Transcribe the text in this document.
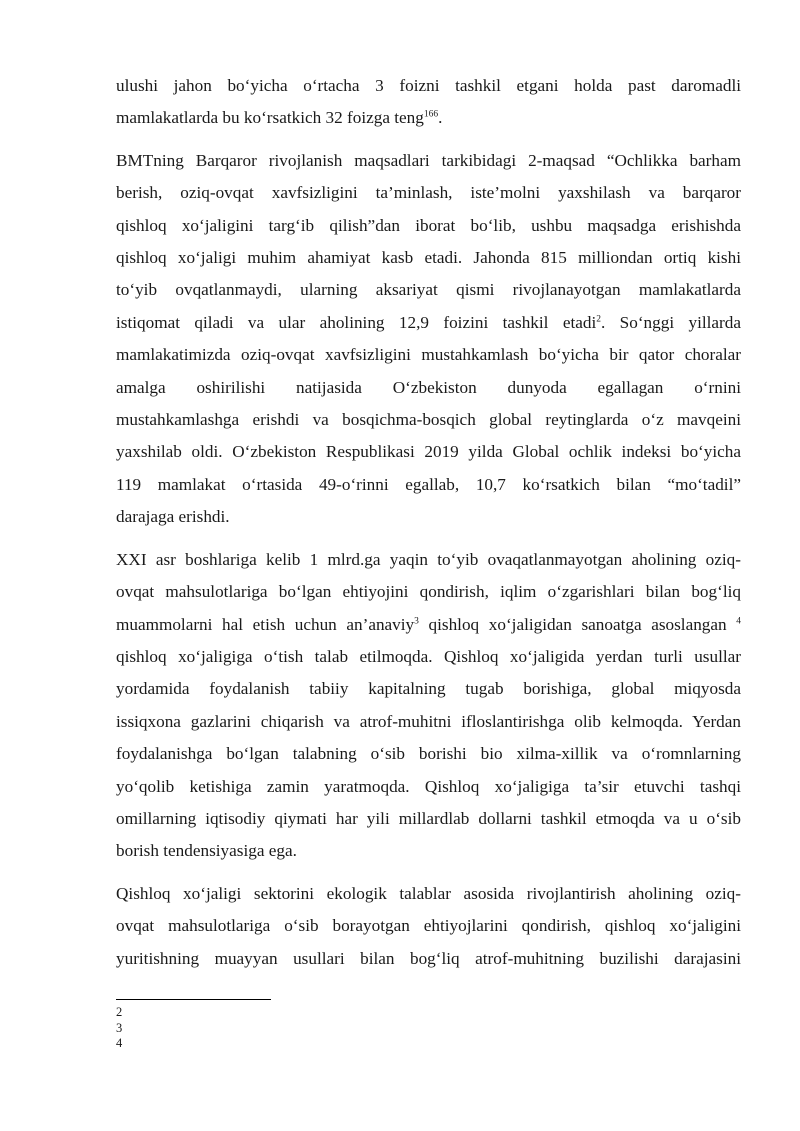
ulushi jahon bo‘yicha o‘rtacha 3 foizni tashkil etgani holda past daromadli
mamlakatlarda bu ko‘rsatkich 32 foizga teng$^{166}$.

BMTning Barqaror rivojlanish maqsadlari tarkibidagi 2-maqsad “Ochlikka barham
berish, oziq-ovqat xavfsizligini ta’minlash, iste’molni yaxshilash va barqaror
qishloq xo‘jaligini targ‘ib qilish”dan iborat bo‘lib, ushbu maqsadga erishishda
qishloq xo‘jaligi muhim ahamiyat kasb etadi. Jahonda 815 milliondan ortiq kishi
to‘yib ovqatlanmaydi, ularning aksariyat qismi rivojlanayotgan mamlakatlarda
istiqomat qiladi va ular aholining 12,9 foizini tashkil etadi$^2$. So‘nggi yillarda
mamlakatimizda oziq-ovqat xavfsizligini mustahkamlash bo‘yicha bir qator choralar
amalga oshirilishi natijasida O‘zbekiston dunyoda egallagan o‘rnini
mustahkamlashga erishdi va bosqichma-bosqich global reytinglarda o‘z mavqeini
yaxshilab oldi. O‘zbekiston Respublikasi 2019 yilda Global ochlik indeksi bo‘yicha
119 mamlakat o‘rtasida 49-o‘rinni egallab, 10,7 ko‘rsatkich bilan “mo‘tadil”
darajaga erishdi.

XXI asr boshlariga kelib 1 mlrd.ga yaqin to‘yib ovaqatlanmayotgan aholining oziq-
ovqat mahsulotlariga bo‘lgan ehtiyojini qondirish, iqlim o‘zgarishlari bilan bog‘liq
muammolarni hal etish uchun an’anaviy$^3$ qishloq xo‘jaligidan sanoatga asoslangan $^4$
qishloq xo‘jaligiga o‘tish talab etilmoqda. Qishloq xo‘jaligida yerdan turli usullar
yordamida foydalanish tabiiy kapitalning tugab borishiga, global miqyosda
issiqxona gazlarini chiqarish va atrof-muhitni ifloslantirishga olib kelmoqda. Yerdan
foydalanishga bo‘lgan talabning o‘sib borishi bio xilma-xillik va o‘romnlarning
yo‘qolib ketishiga zamin yaratmoqda. Qishloq xo‘jaligiga ta’sir etuvchi tashqi
omillarning iqtisodiy qiymati har yili millardlab dollarni tashkil etmoqda va u o‘sib
borish tendensiyasiga ega.

Qishloq xo‘jaligi sektorini ekologik talablar asosida rivojlantirish aholining oziq-
ovqat mahsulotlariga o‘sib borayotgan ehtiyojlarini qondirish, qishloq xo‘jaligini
yuritishning muayyan usullari bilan bog‘liq atrof-muhitning buzilishi darajasini

2
3
4
